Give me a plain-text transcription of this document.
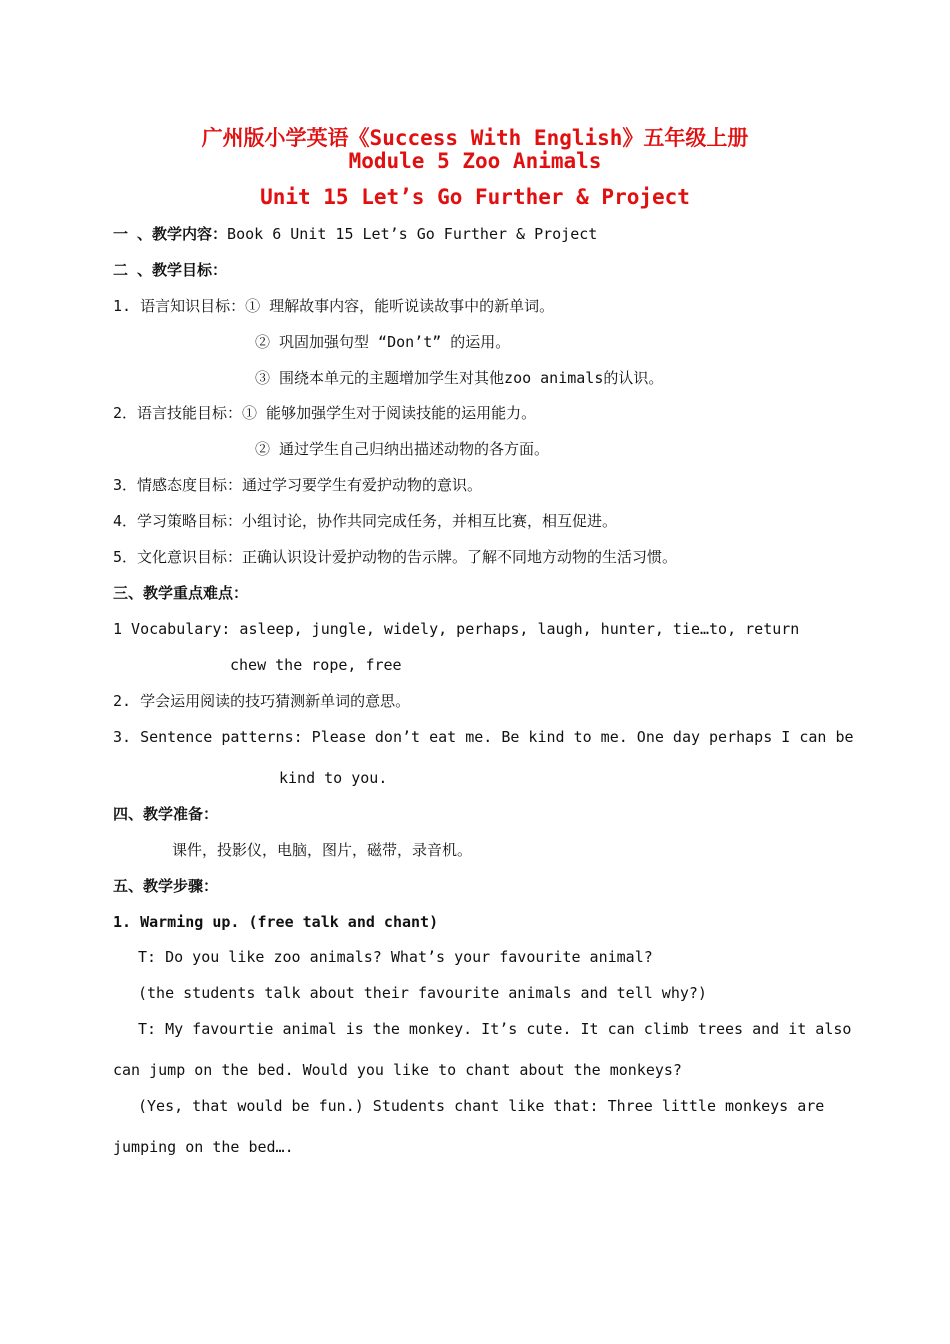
广州版小学英语《Success With English》五年级上册
Module 5 Zoo Animals
Unit 15 Let’s Go Further & Project
一 、教学内容：Book 6 Unit 15 Let’s Go Further & Project
二 、教学目标：
1. 语言知识目标：① 理解故事内容，能听说读故事中的新单词。
② 巩固加强句型 “Don’t” 的运用。
③ 围绕本单元的主题增加学生对其他zoo animals的认识。
2．语言技能目标：① 能够加强学生对于阅读技能的运用能力。
② 通过学生自己归纳出描述动物的各方面。
3．情感态度目标：通过学习要学生有爱护动物的意识。
4．学习策略目标：小组讨论，协作共同完成任务，并相互比赛，相互促进。
5．文化意识目标：正确认识设计爱护动物的告示牌。了解不同地方动物的生活习惯。
三、教学重点难点：
1 Vocabulary: asleep, jungle, widely, perhaps, laugh, hunter, tie…to, return
chew the rope, free
2. 学会运用阅读的技巧猜测新单词的意思。
3. Sentence patterns: Please don’t eat me. Be kind to me. One day perhaps I can be
kind to you.
四、教学准备：
课件，投影仪，电脑，图片，磁带，录音机。
五、教学步骤：
1. Warming up. (free talk and chant)
T: Do you like zoo animals? What’s your favourite animal?
(the students talk about their favourite animals and tell why?)
T: My favourtie animal is the monkey. It’s cute. It can climb trees and it also
can jump on the bed. Would you like to chant about the monkeys?
(Yes, that would be fun.) Students chant like that: Three little monkeys are
jumping on the bed….
